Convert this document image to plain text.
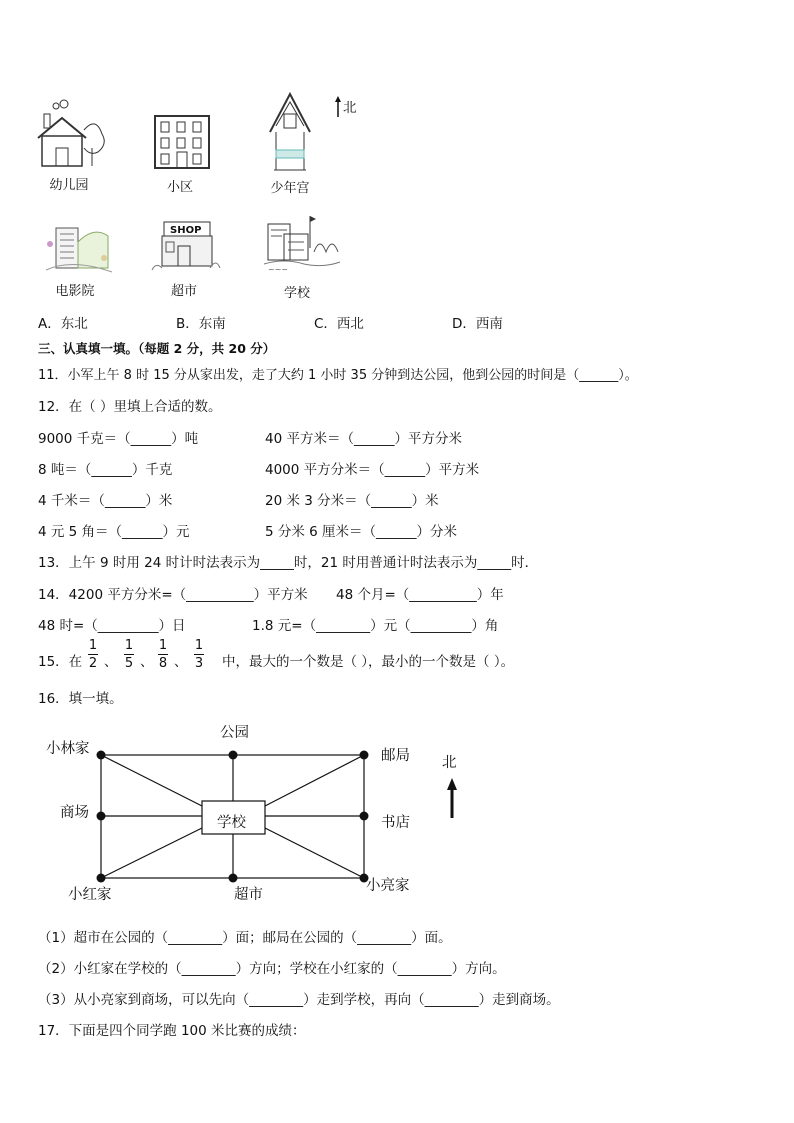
幼儿园	小区	少年宫
北
电影院
SHOP
超市
~~~
学校
A．东北	B．东南	C．西北	D．西南
三、认真填一填。（每题 2 分，共 20 分）
11．小军上午 8 时 15 分从家出发，走了大约 1 小时 35 分钟到达公园，他到公园的时间是（______）。
12．在（ ）里填上合适的数。
9000 千克＝（______）吨	40 平方米＝（______）平方分米
8 吨＝（______）千克	4000 平方分米＝（______）平方米
4 千米＝（______）米	20 米 3 分米＝（______）米
4 元 5 角＝（______）元	5 分米 6 厘米＝（______）分米
13．上午 9 时用 24 时计时法表示为_____时，21 时用普通计时法表示为_____时．
14．4200 平方分米=（__________）平方米 48 个月=（__________）年
48 时=（_________）日	1.8 元=（________）元（_________）角
15．在
1
2 、
1
5 、
1
8 、
1
3 中，最大的一个数是（ ），最小的一个数是（ ）。
16．填一填。
公园
小林家	邮局
商场
学校	书店
小红家	超市
小亮家
北
（1）超市在公园的（________）面；邮局在公园的（________）面。
（2）小红家在学校的（________）方向；学校在小红家的（________）方向。
（3）从小亮家到商场，可以先向（________）走到学校，再向（________）走到商场。
17．下面是四个同学跑 100 米比赛的成绩：
